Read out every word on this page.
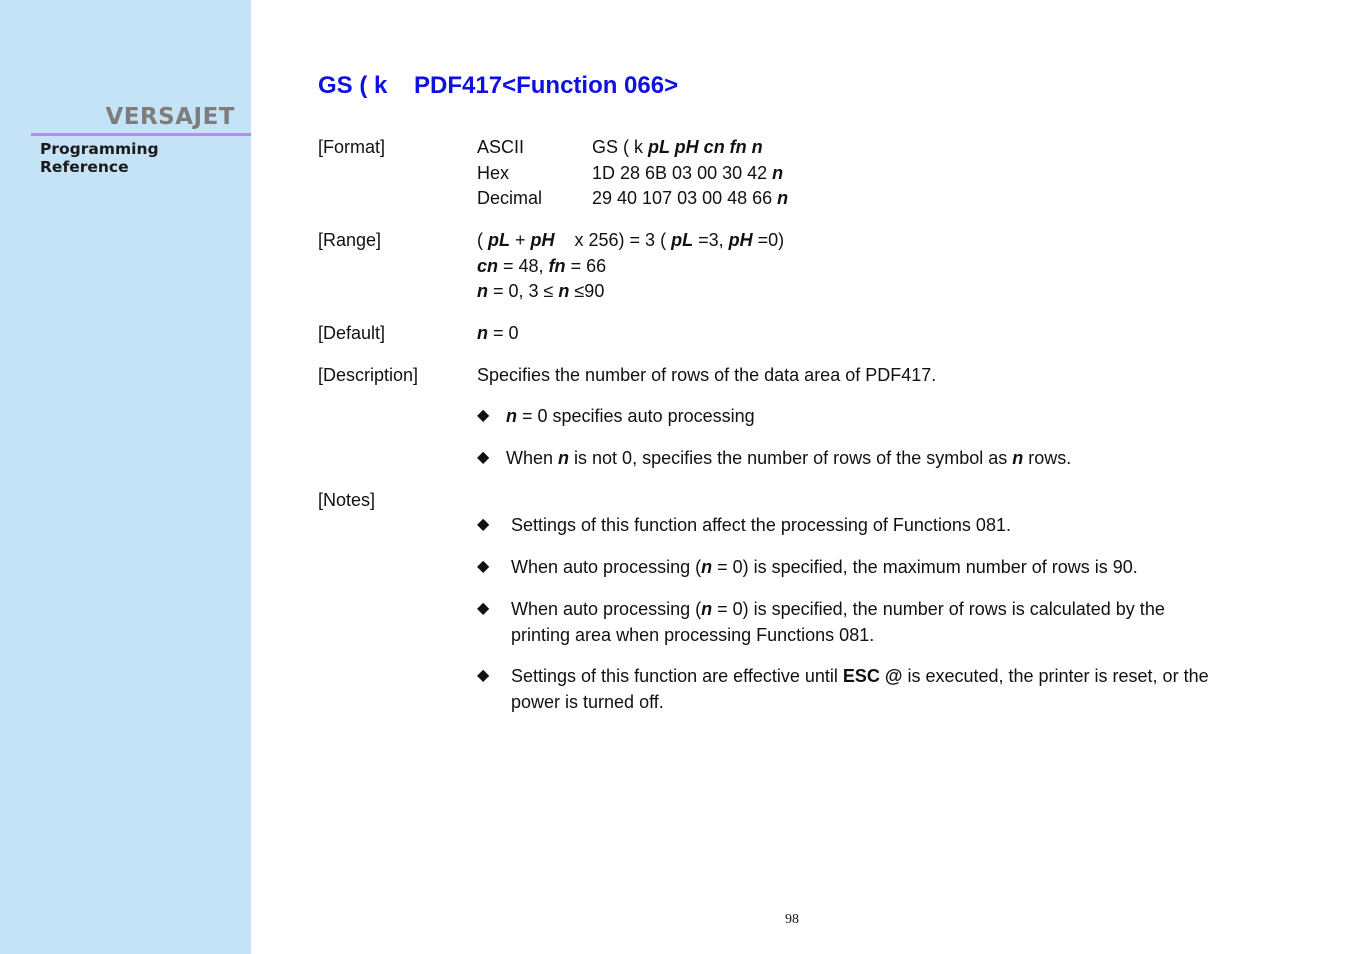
VERSAJET
Programming Reference
GS ( k    PDF417<Function 066>
[Format]	ASCII	GS ( k pL pH cn fn n
Hex	1D 28 6B 03 00 30 42 n
Decimal	29 40 107 03 00 48 66 n
[Range]	( pL + pH    x 256) = 3 ( pL =3, pH =0)
cn = 48, fn = 66
n = 0, 3 ≤ n ≤90
[Default]	n = 0
[Description]	Specifies the number of rows of the data area of PDF417.
◆ n = 0 specifies auto processing
◆ When n is not 0, specifies the number of rows of the symbol as n rows.
[Notes]
◆ Settings of this function affect the processing of Functions 081.
◆ When auto processing (n = 0) is specified, the maximum number of rows is 90.
◆ When auto processing (n = 0) is specified, the number of rows is calculated by the
printing area when processing Functions 081.
◆ Settings of this function are effective until ESC @ is executed, the printer is reset, or the
power is turned off.
98
